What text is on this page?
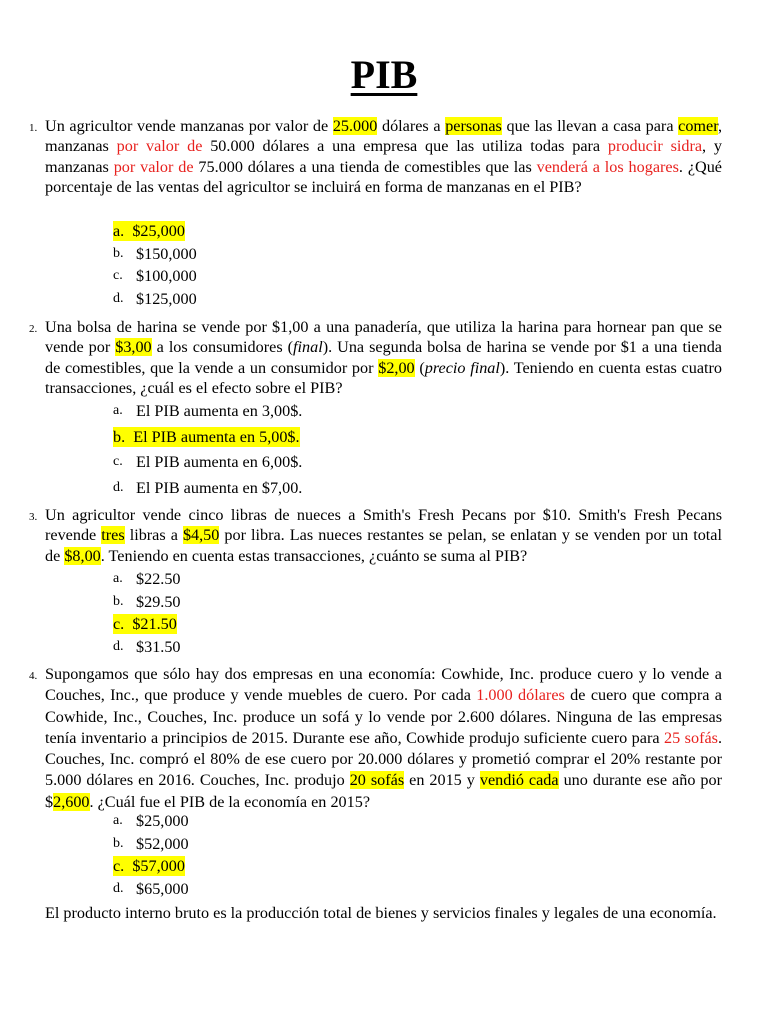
PIB
1. Un agricultor vende manzanas por valor de 25.000 dólares a personas que las llevan a casa para comer, manzanas por valor de 50.000 dólares a una empresa que las utiliza todas para producir sidra, y manzanas por valor de 75.000 dólares a una tienda de comestibles que las venderá a los hogares. ¿Qué porcentaje de las ventas del agricultor se incluirá en forma de manzanas en el PIB?
a. $25,000
b. $150,000
c. $100,000
d. $125,000
2. Una bolsa de harina se vende por $1,00 a una panadería, que utiliza la harina para hornear pan que se vende por $3,00 a los consumidores (final). Una segunda bolsa de harina se vende por $1 a una tienda de comestibles, que la vende a un consumidor por $2,00 (precio final). Teniendo en cuenta estas cuatro transacciones, ¿cuál es el efecto sobre el PIB?
a. El PIB aumenta en 3,00$.
b. El PIB aumenta en 5,00$.
c. El PIB aumenta en 6,00$.
d. El PIB aumenta en $7,00.
3. Un agricultor vende cinco libras de nueces a Smith's Fresh Pecans por $10. Smith's Fresh Pecans revende tres libras a $4,50 por libra. Las nueces restantes se pelan, se enlatan y se venden por un total de $8,00. Teniendo en cuenta estas transacciones, ¿cuánto se suma al PIB?
a. $22.50
b. $29.50
c. $21.50
d. $31.50
4. Supongamos que sólo hay dos empresas en una economía: Cowhide, Inc. produce cuero y lo vende a Couches, Inc., que produce y vende muebles de cuero. Por cada 1.000 dólares de cuero que compra a Cowhide, Inc., Couches, Inc. produce un sofá y lo vende por 2.600 dólares. Ninguna de las empresas tenía inventario a principios de 2015. Durante ese año, Cowhide produjo suficiente cuero para 25 sofás. Couches, Inc. compró el 80% de ese cuero por 20.000 dólares y prometió comprar el 20% restante por 5.000 dólares en 2016. Couches, Inc. produjo 20 sofás en 2015 y vendió cada uno durante ese año por $2,600. ¿Cuál fue el PIB de la economía en 2015?
a. $25,000
b. $52,000
c. $57,000
d. $65,000
El producto interno bruto es la producción total de bienes y servicios finales y legales de una economía.
